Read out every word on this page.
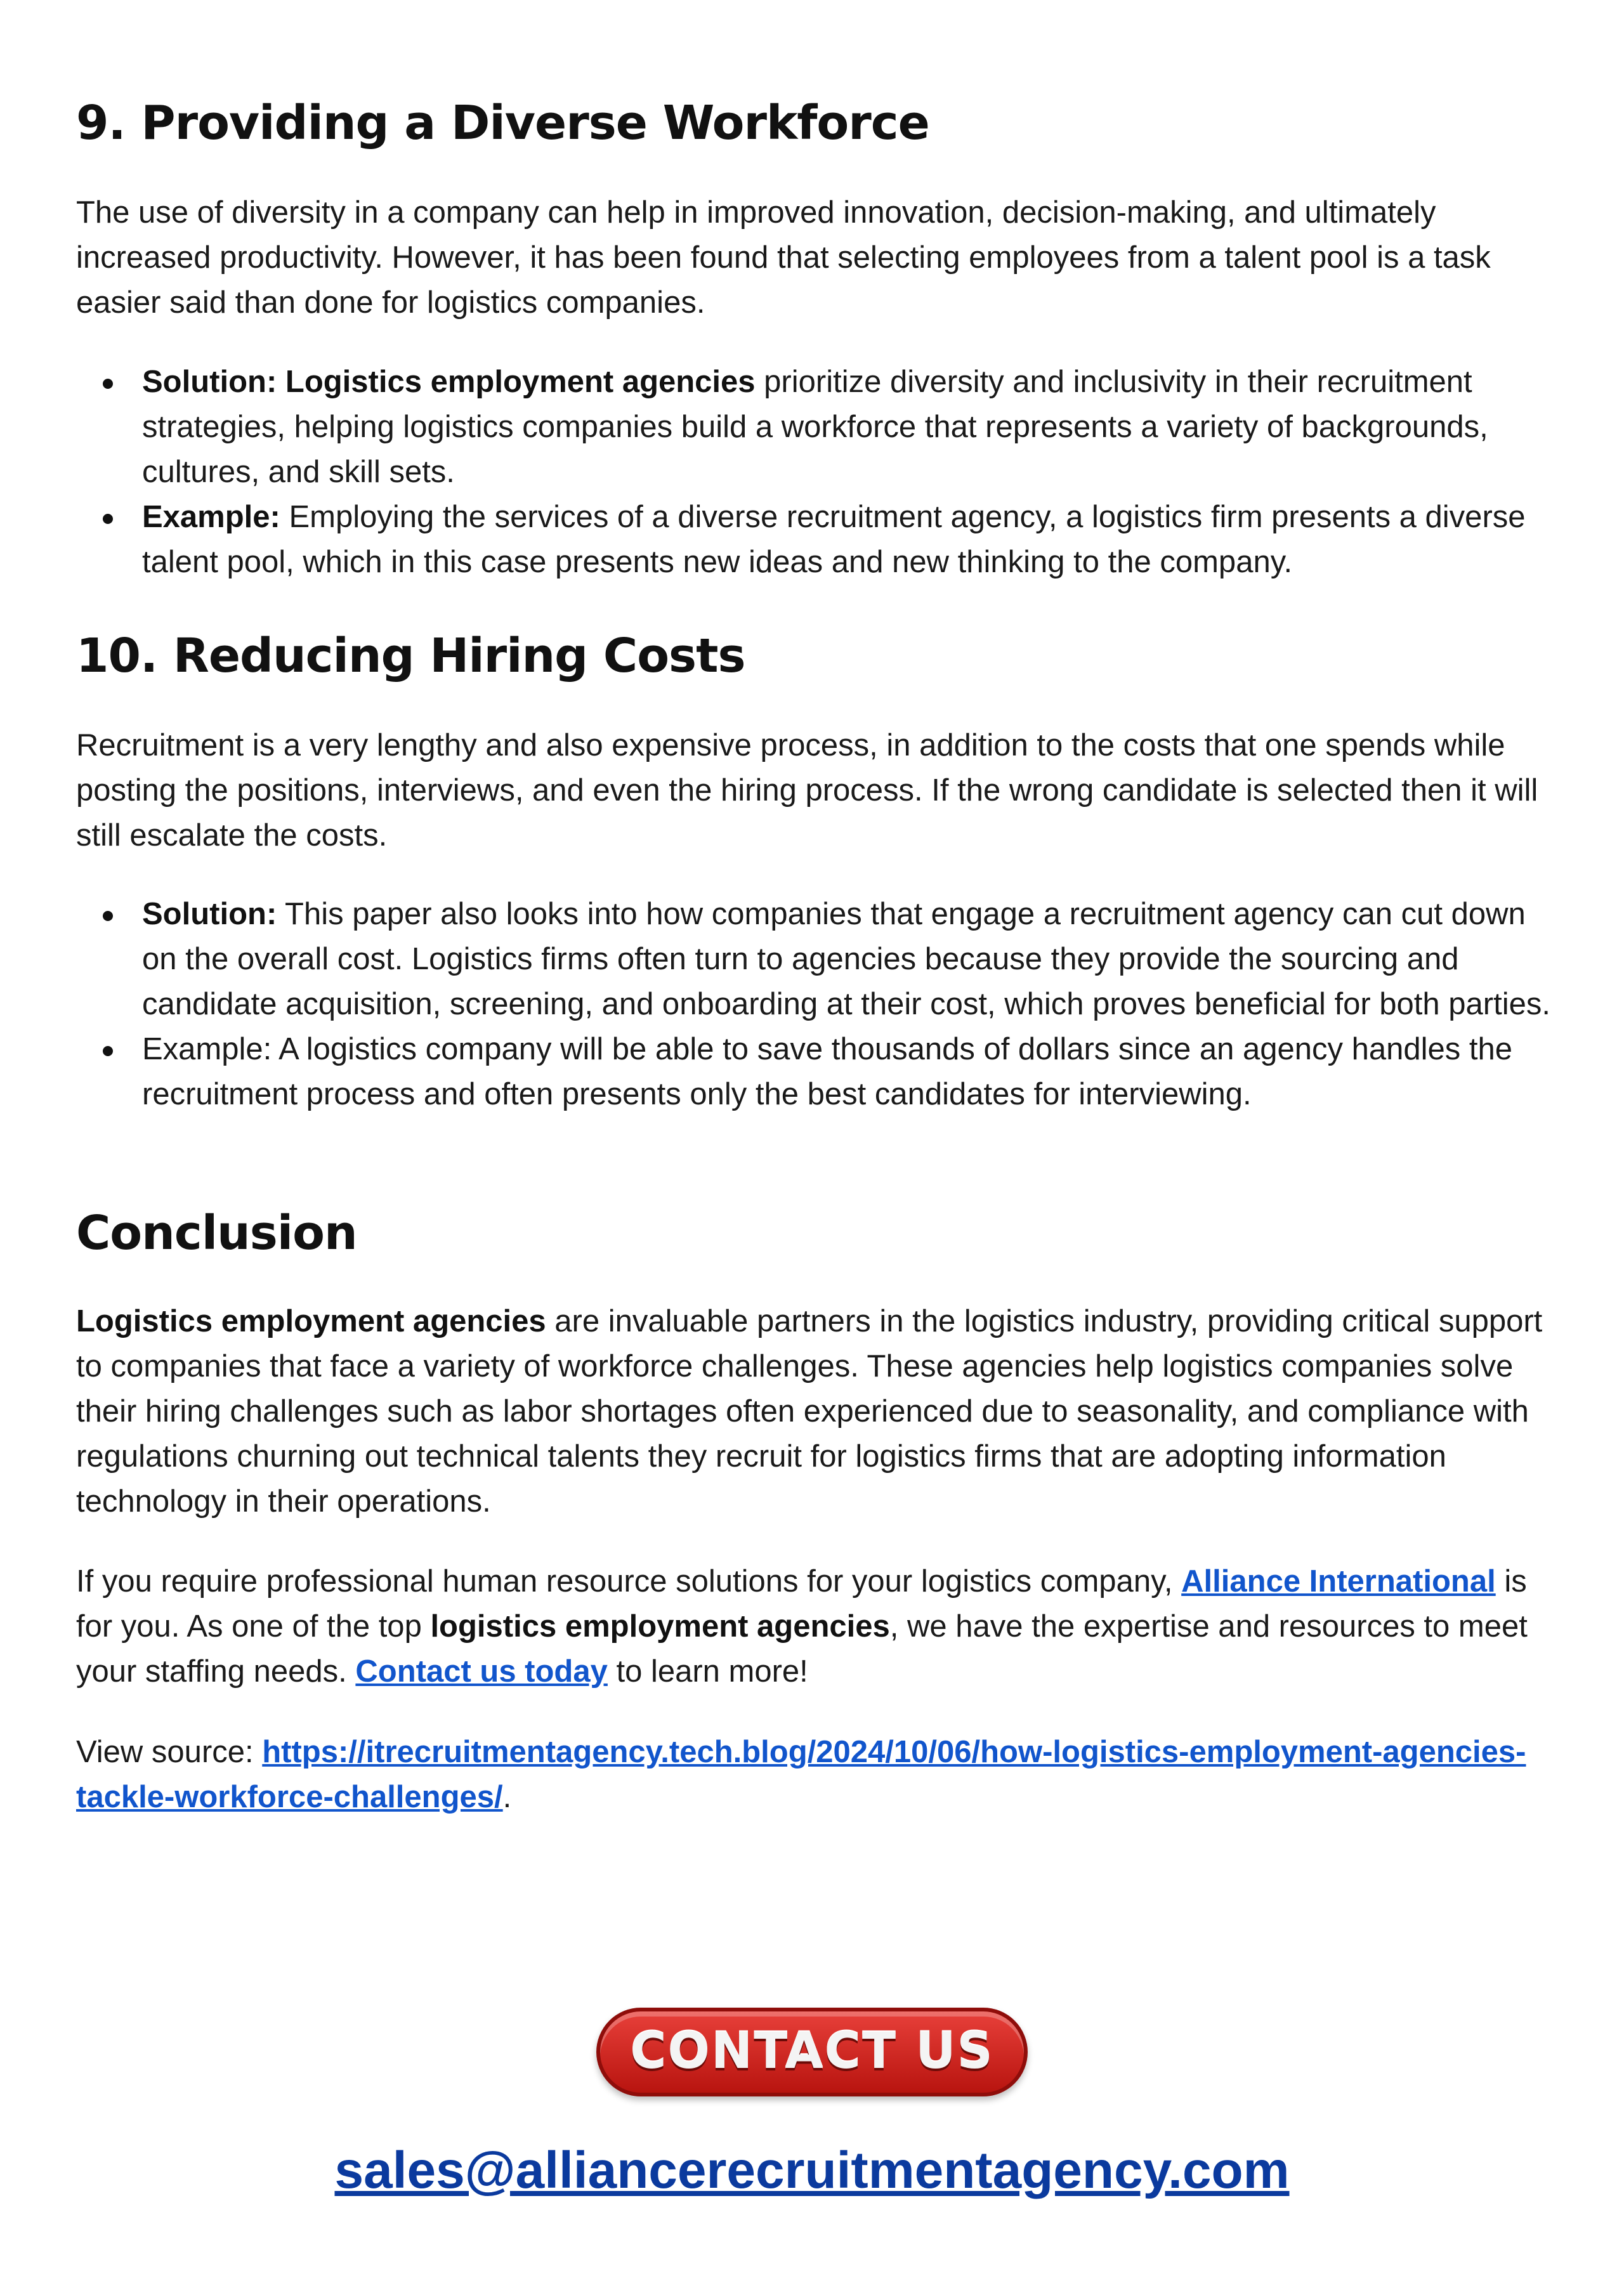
9. Providing a Diverse Workforce

The use of diversity in a company can help in improved innovation, decision-making, and ultimately increased productivity. However, it has been found that selecting employees from a talent pool is a task easier said than done for logistics companies.

Solution: Logistics employment agencies prioritize diversity and inclusivity in their recruitment strategies, helping logistics companies build a workforce that represents a variety of backgrounds, cultures, and skill sets.
Example: Employing the services of a diverse recruitment agency, a logistics firm presents a diverse talent pool, which in this case presents new ideas and new thinking to the company.
10. Reducing Hiring Costs

Recruitment is a very lengthy and also expensive process, in addition to the costs that one spends while posting the positions, interviews, and even the hiring process. If the wrong candidate is selected then it will still escalate the costs.

Solution: This paper also looks into how companies that engage a recruitment agency can cut down on the overall cost. Logistics firms often turn to agencies because they provide the sourcing and candidate acquisition, screening, and onboarding at their cost, which proves beneficial for both parties.
Example: A logistics company will be able to save thousands of dollars since an agency handles the recruitment process and often presents only the best candidates for interviewing.
Conclusion

Logistics employment agencies are invaluable partners in the logistics industry, providing critical support to companies that face a variety of workforce challenges. These agencies help logistics companies solve their hiring challenges such as labor shortages often experienced due to seasonality, and compliance with regulations churning out technical talents they recruit for logistics firms that are adopting information technology in their operations.

If you require professional human resource solutions for your logistics company, Alliance International is for you. As one of the top logistics employment agencies, we have the expertise and resources to meet your staffing needs. Contact us today to learn more!

View source: https://itrecruitmentagency.tech.blog/2024/10/06/how-logistics-employment-agencies-tackle-workforce-challenges/.

CONTACT US
sales@alliancerecruitmentagency.com
